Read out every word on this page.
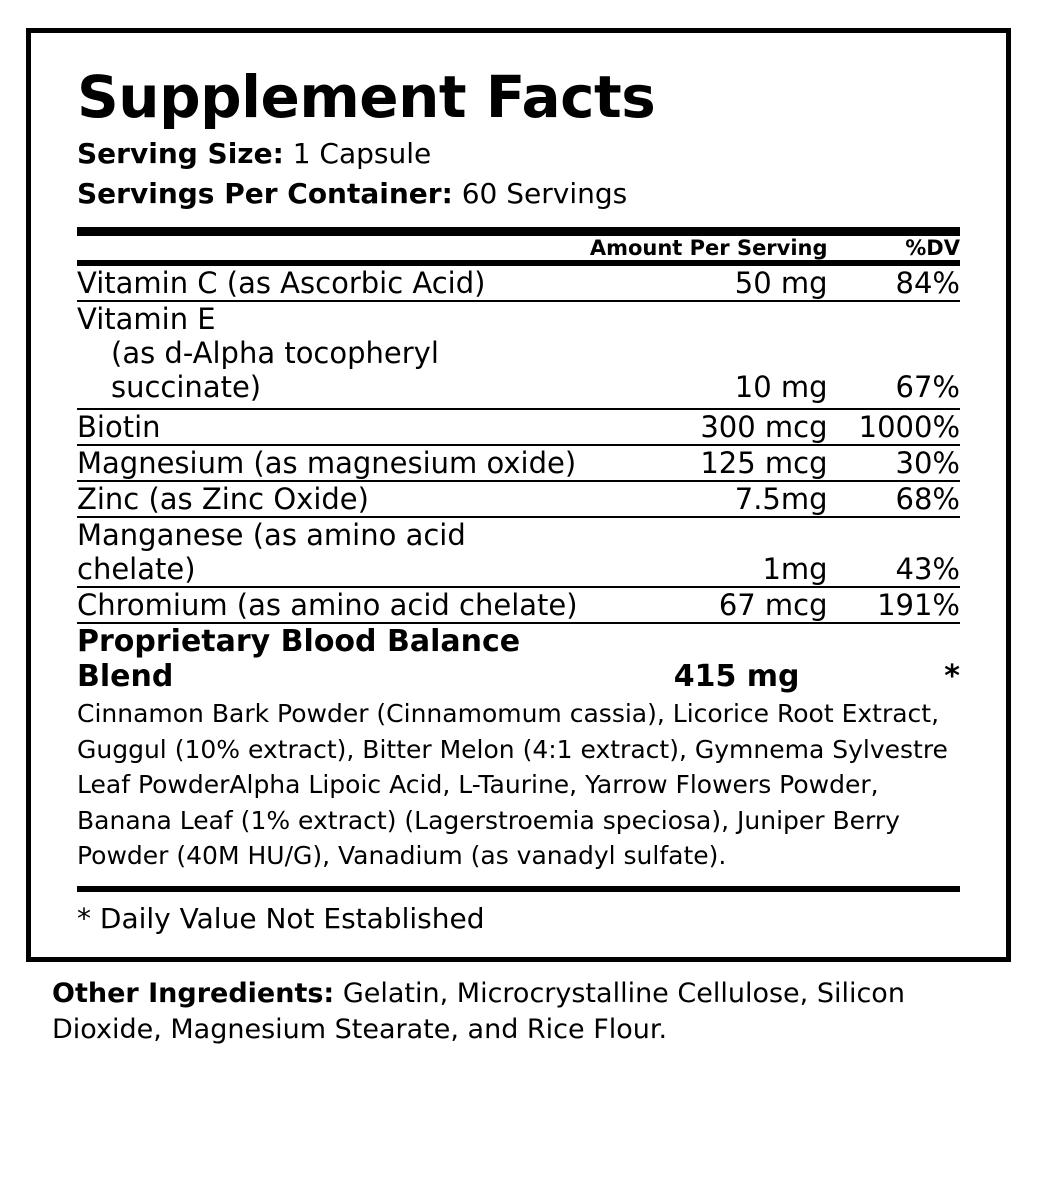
Supplement Facts
Serving Size: 1 Capsule
Servings Per Container: 60 Servings
	Amount Per Serving	%DV
Vitamin C (as Ascorbic Acid)	50 mg	84%
Vitamin E
(as d-Alpha tocopheryl succinate)	10 mg	67%
Biotin	300 mcg	1000%
Magnesium (as magnesium oxide)	125 mcg	30%
Zinc (as Zinc Oxide)	7.5mg	68%
Manganese (as amino acid chelate)	1mg	43%
Chromium (as amino acid chelate)	67 mcg	191%
Proprietary Blood Balance Blend	415 mg	*
Cinnamon Bark Powder (Cinnamomum cassia), Licorice Root Extract, Guggul (10% extract), Bitter Melon (4:1 extract), Gymnema Sylvestre Leaf PowderAlpha Lipoic Acid, L-Taurine, Yarrow Flowers Powder, Banana Leaf (1% extract) (Lagerstroemia speciosa), Juniper Berry Powder (40M HU/G), Vanadium (as vanadyl sulfate).
* Daily Value Not Established
Other Ingredients: Gelatin, Microcrystalline Cellulose, Silicon Dioxide, Magnesium Stearate, and Rice Flour.
